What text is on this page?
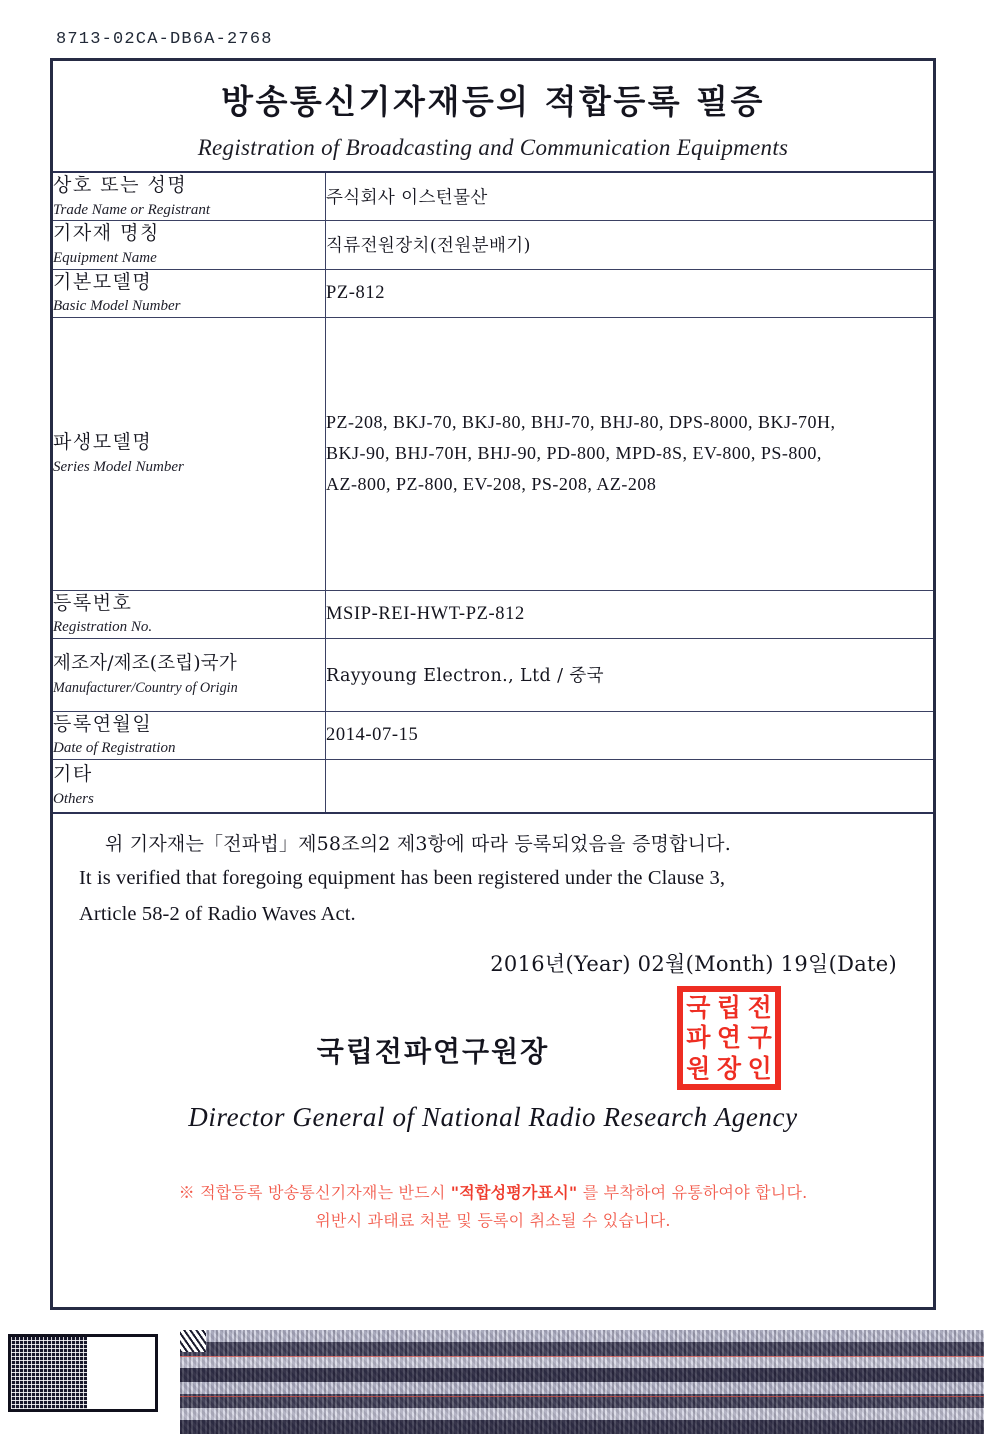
8713-02CA-DB6A-2768
방송통신기자재등의 적합등록 필증
Registration of Broadcasting and Communication Equipments
상호 또는 성명
Trade Name or Registrant	주식회사 이스턴물산

기자재 명칭
Equipment Name	직류전원장치(전원분배기)

기본모델명
Basic Model Number	PZ-812

파생모델명
Series Model Number

PZ-208, BKJ-70, BKJ-80, BHJ-70, BHJ-80, DPS-8000, BKJ-70H,
BKJ-90, BHJ-70H, BHJ-90, PD-800, MPD-8S, EV-800, PS-800,
AZ-800, PZ-800, EV-208, PS-208, AZ-208

등록번호
Registration No.	MSIP-REI-HWT-PZ-812

제조자/제조(조립)국가
Manufacturer/Country of Origin	Rayyoung Electron., Ltd / 중국

등록연월일
Date of Registration	2014-07-15

기타
Others	

위 기자재는「전파법」제58조의2 제3항에 따라 등록되었음을 증명합니다.
It is verified that foregoing equipment has been registered under the Clause 3,
Article 58-2 of Radio Waves Act.
2016년(Year) 02월(Month) 19일(Date)
국립전파연구원장
국 립 전
파 연 구
원 장 인
Director General of National Radio Research Agency
※ 적합등록 방송통신기자재는 반드시 "적합성평가표시" 를 부착하여 유통하여야 합니다.
위반시 과태료 처분 및 등록이 취소될 수 있습니다.
